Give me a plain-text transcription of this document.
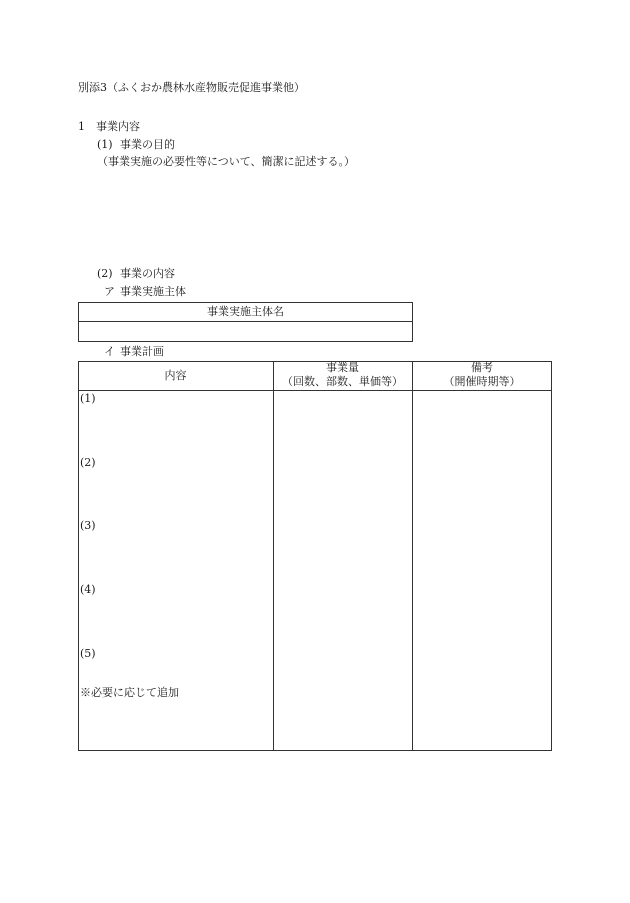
別添3（ふくおか農林水産物販売促進事業他）
1　事業内容
(1) 事業の目的
（事業実施の必要性等について、簡潔に記述する。）
(2) 事業の内容
ア 事業実施主体
事業実施主体名
イ 事業計画
内容
事業量
（回数、部数、単価等）
備考
（開催時期等）
(1)
(2)
(3)
(4)
(5)
※必要に応じて追加
